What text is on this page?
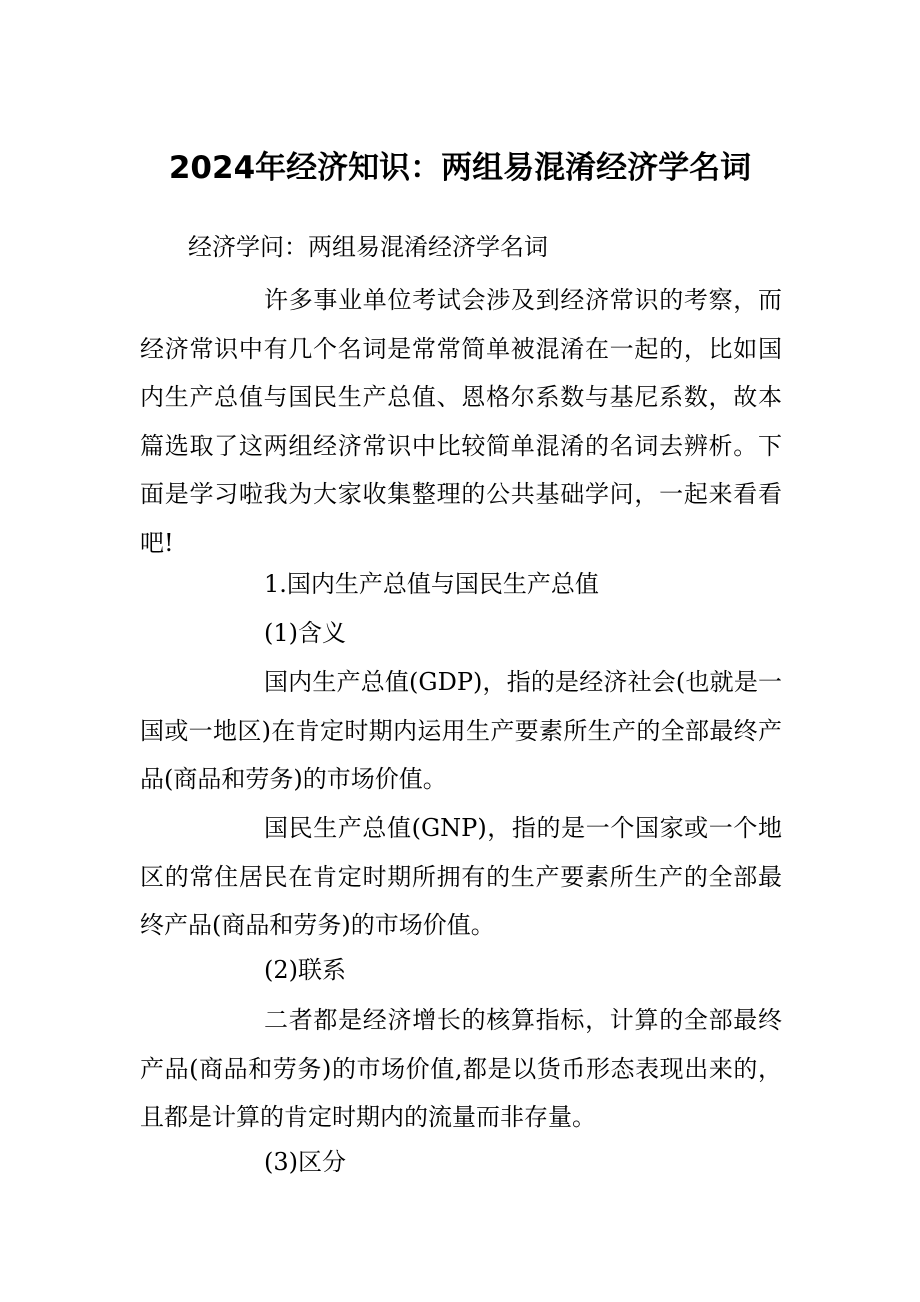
2024年经济知识：两组易混淆经济学名词

经济学问：两组易混淆经济学名词

许多事业单位考试会涉及到经济常识的考察，而经济常识中有几个名词是常常简单被混淆在一起的，比如国内生产总值与国民生产总值、恩格尔系数与基尼系数，故本篇选取了这两组经济常识中比较简单混淆的名词去辨析。下面是学习啦我为大家收集整理的公共基础学问，一起来看看吧!

1.国内生产总值与国民生产总值

(1)含义

国内生产总值(GDP)，指的是经济社会(也就是一国或一地区)在肯定时期内运用生产要素所生产的全部最终产品(商品和劳务)的市场价值。

国民生产总值(GNP)，指的是一个国家或一个地区的常住居民在肯定时期所拥有的生产要素所生产的全部最终产品(商品和劳务)的市场价值。

(2)联系

二者都是经济增长的核算指标，计算的全部最终产品(商品和劳务)的市场价值,都是以货币形态表现出来的，且都是计算的肯定时期内的流量而非存量。

(3)区分
